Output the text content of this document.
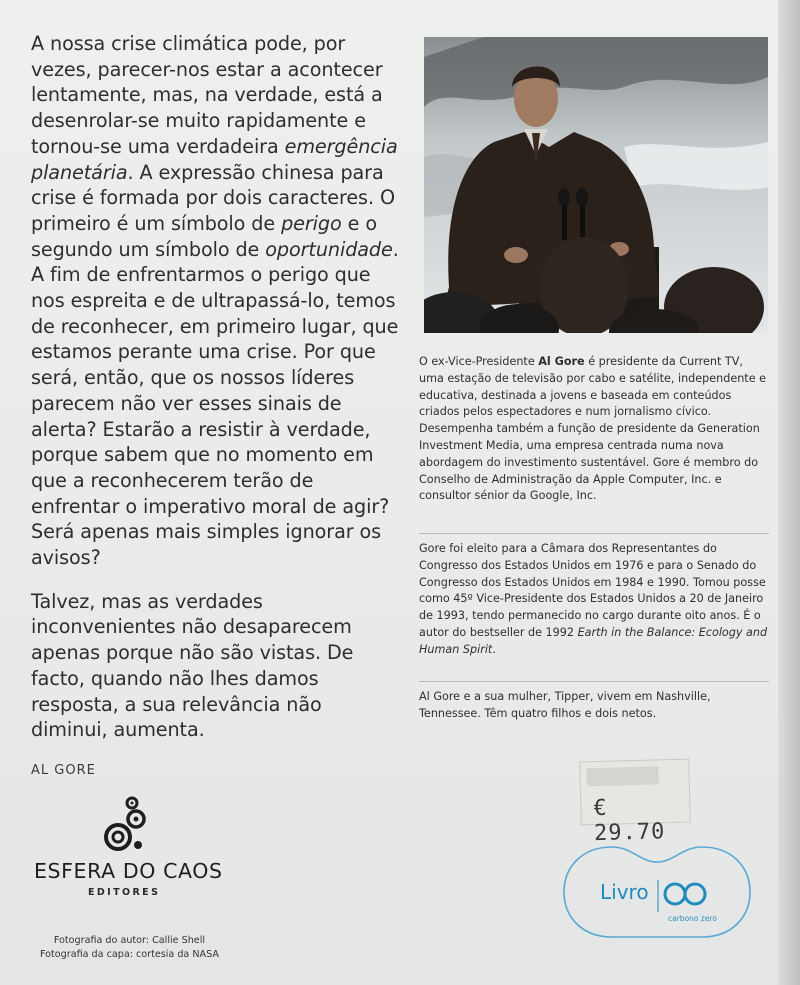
A nossa crise climática pode, por vezes, parecer-nos estar a acontecer lentamente, mas, na verdade, está a desenrolar-se muito rapidamente e tornou-se uma verdadeira emergência planetária. A expressão chinesa para crise é formada por dois caracteres. O primeiro é um símbolo de perigo e o segundo um símbolo de oportunidade. A fim de enfrentarmos o perigo que nos espreita e de ultrapassá-lo, temos de reconhecer, em primeiro lugar, que estamos perante uma crise. Por que será, então, que os nossos líderes parecem não ver esses sinais de alerta? Estarão a resistir à verdade, porque sabem que no momento em que a reconhecerem terão de enfrentar o imperativo moral de agir? Será apenas mais simples ignorar os avisos?

Talvez, mas as verdades inconvenientes não desaparecem apenas porque não são vistas. De facto, quando não lhes damos resposta, a sua relevância não diminui, aumenta.

AL GORE
ESFERA DO CAOS
EDITORES
Fotografia do autor: Callie Shell
Fotografia da capa: cortesia da NASA

O ex-Vice-Presidente Al Gore é presidente da Current TV, uma estação de televisão por cabo e satélite, independente e educativa, destinada a jovens e baseada em conteúdos criados pelos espectadores e num jornalismo cívico. Desempenha também a função de presidente da Generation Investment Media, uma empresa centrada numa nova abordagem do investimento sustentável. Gore é membro do Conselho de Administração da Apple Computer, Inc. e consultor sénior da Google, Inc.

Gore foi eleito para a Câmara dos Representantes do Congresso dos Estados Unidos em 1976 e para o Senado do Congresso dos Estados Unidos em 1984 e 1990. Tomou posse como 45º Vice-Presidente dos Estados Unidos a 20 de Janeiro de 1993, tendo permanecido no cargo durante oito anos. É o autor do bestseller de 1992 Earth in the Balance: Ecology and Human Spirit.

Al Gore e a sua mulher, Tipper, vivem em Nashville, Tennessee. Têm quatro filhos e dois netos.

€ 29.70
Livro
carbono zero
